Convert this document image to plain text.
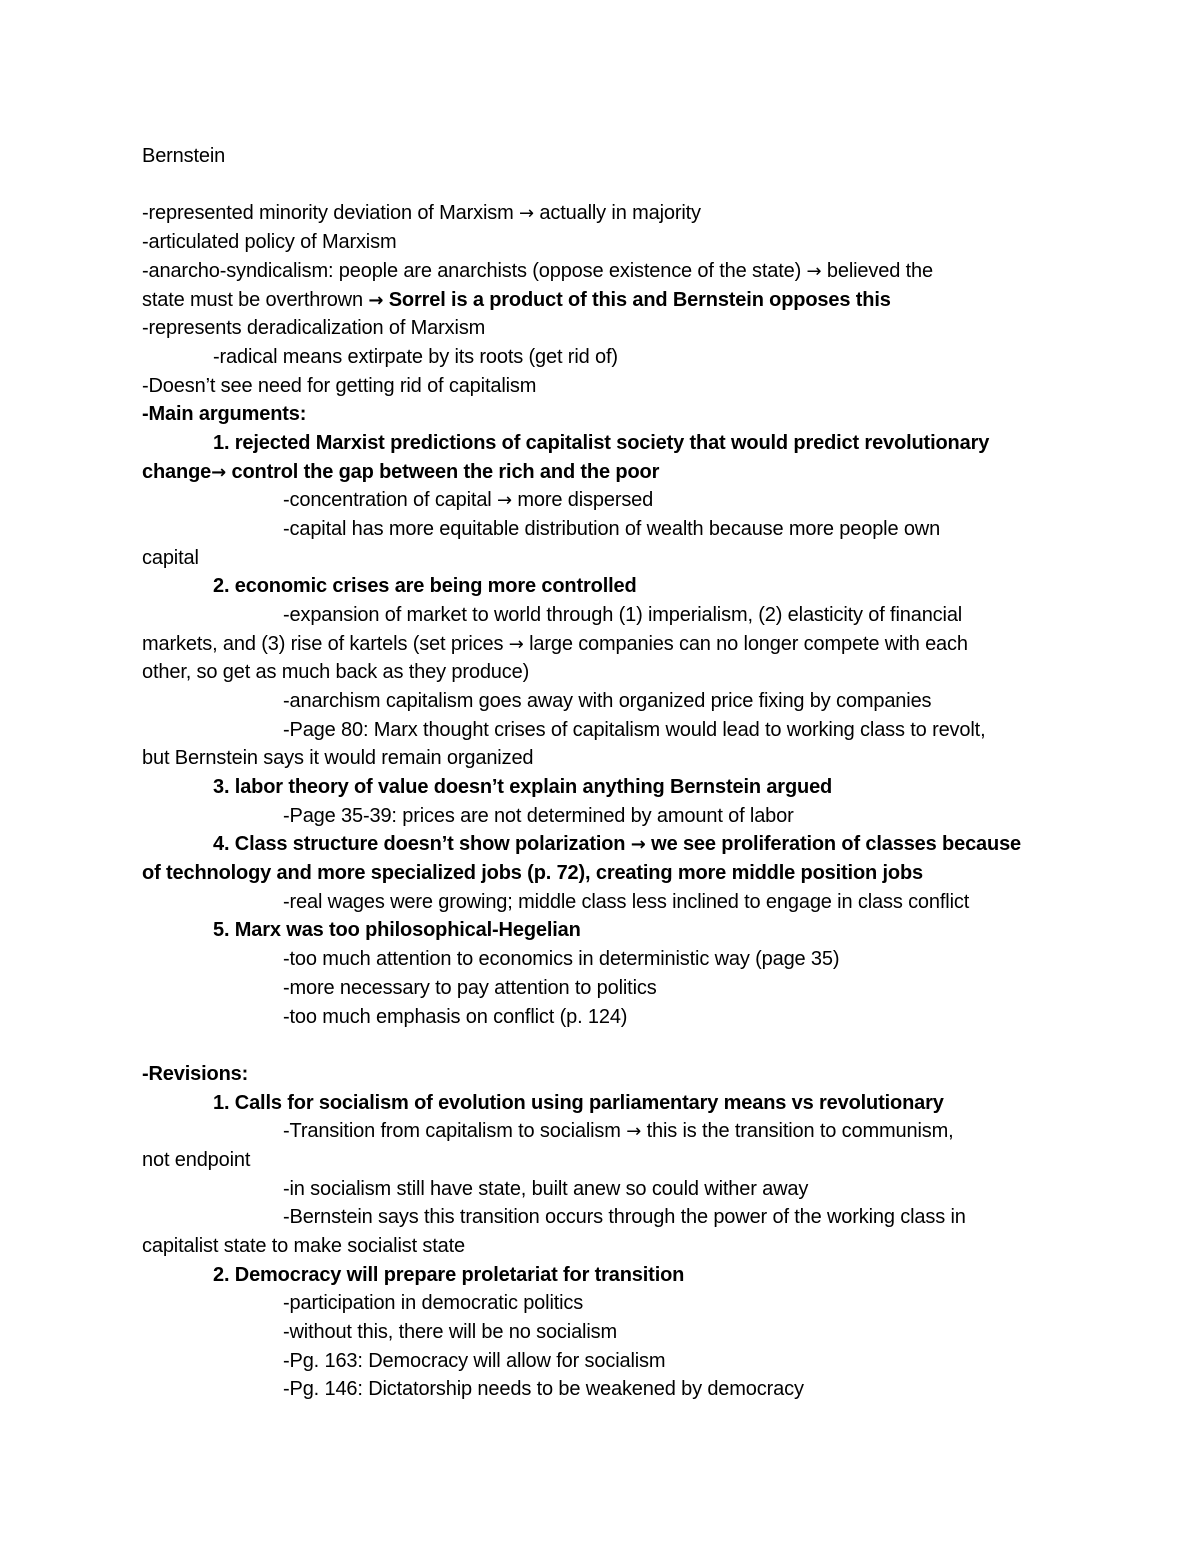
Bernstein
-represented minority deviation of Marxism → actually in majority
-articulated policy of Marxism
-anarcho-syndicalism: people are anarchists (oppose existence of the state) → believed the
state must be overthrown → Sorrel is a product of this and Bernstein opposes this
-represents deradicalization of Marxism
-radical means extirpate by its roots (get rid of)
-Doesn’t see need for getting rid of capitalism
-Main arguments:
1. rejected Marxist predictions of capitalist society that would predict revolutionary
change→ control the gap between the rich and the poor
-concentration of capital → more dispersed
-capital has more equitable distribution of wealth because more people own
capital
2. economic crises are being more controlled
-expansion of market to world through (1) imperialism, (2) elasticity of financial
markets, and (3) rise of kartels (set prices → large companies can no longer compete with each
other, so get as much back as they produce)
-anarchism capitalism goes away with organized price fixing by companies
-Page 80: Marx thought crises of capitalism would lead to working class to revolt,
but Bernstein says it would remain organized
3. labor theory of value doesn’t explain anything Bernstein argued
-Page 35-39: prices are not determined by amount of labor
4. Class structure doesn’t show polarization → we see proliferation of classes because
of technology and more specialized jobs (p. 72), creating more middle position jobs
-real wages were growing; middle class less inclined to engage in class conflict
5. Marx was too philosophical-Hegelian
-too much attention to economics in deterministic way (page 35)
-more necessary to pay attention to politics
-too much emphasis on conflict (p. 124)
-Revisions:
1. Calls for socialism of evolution using parliamentary means vs revolutionary
-Transition from capitalism to socialism → this is the transition to communism,
not endpoint
-in socialism still have state, built anew so could wither away
-Bernstein says this transition occurs through the power of the working class in
capitalist state to make socialist state
2. Democracy will prepare proletariat for transition
-participation in democratic politics
-without this, there will be no socialism
-Pg. 163: Democracy will allow for socialism
-Pg. 146: Dictatorship needs to be weakened by democracy
